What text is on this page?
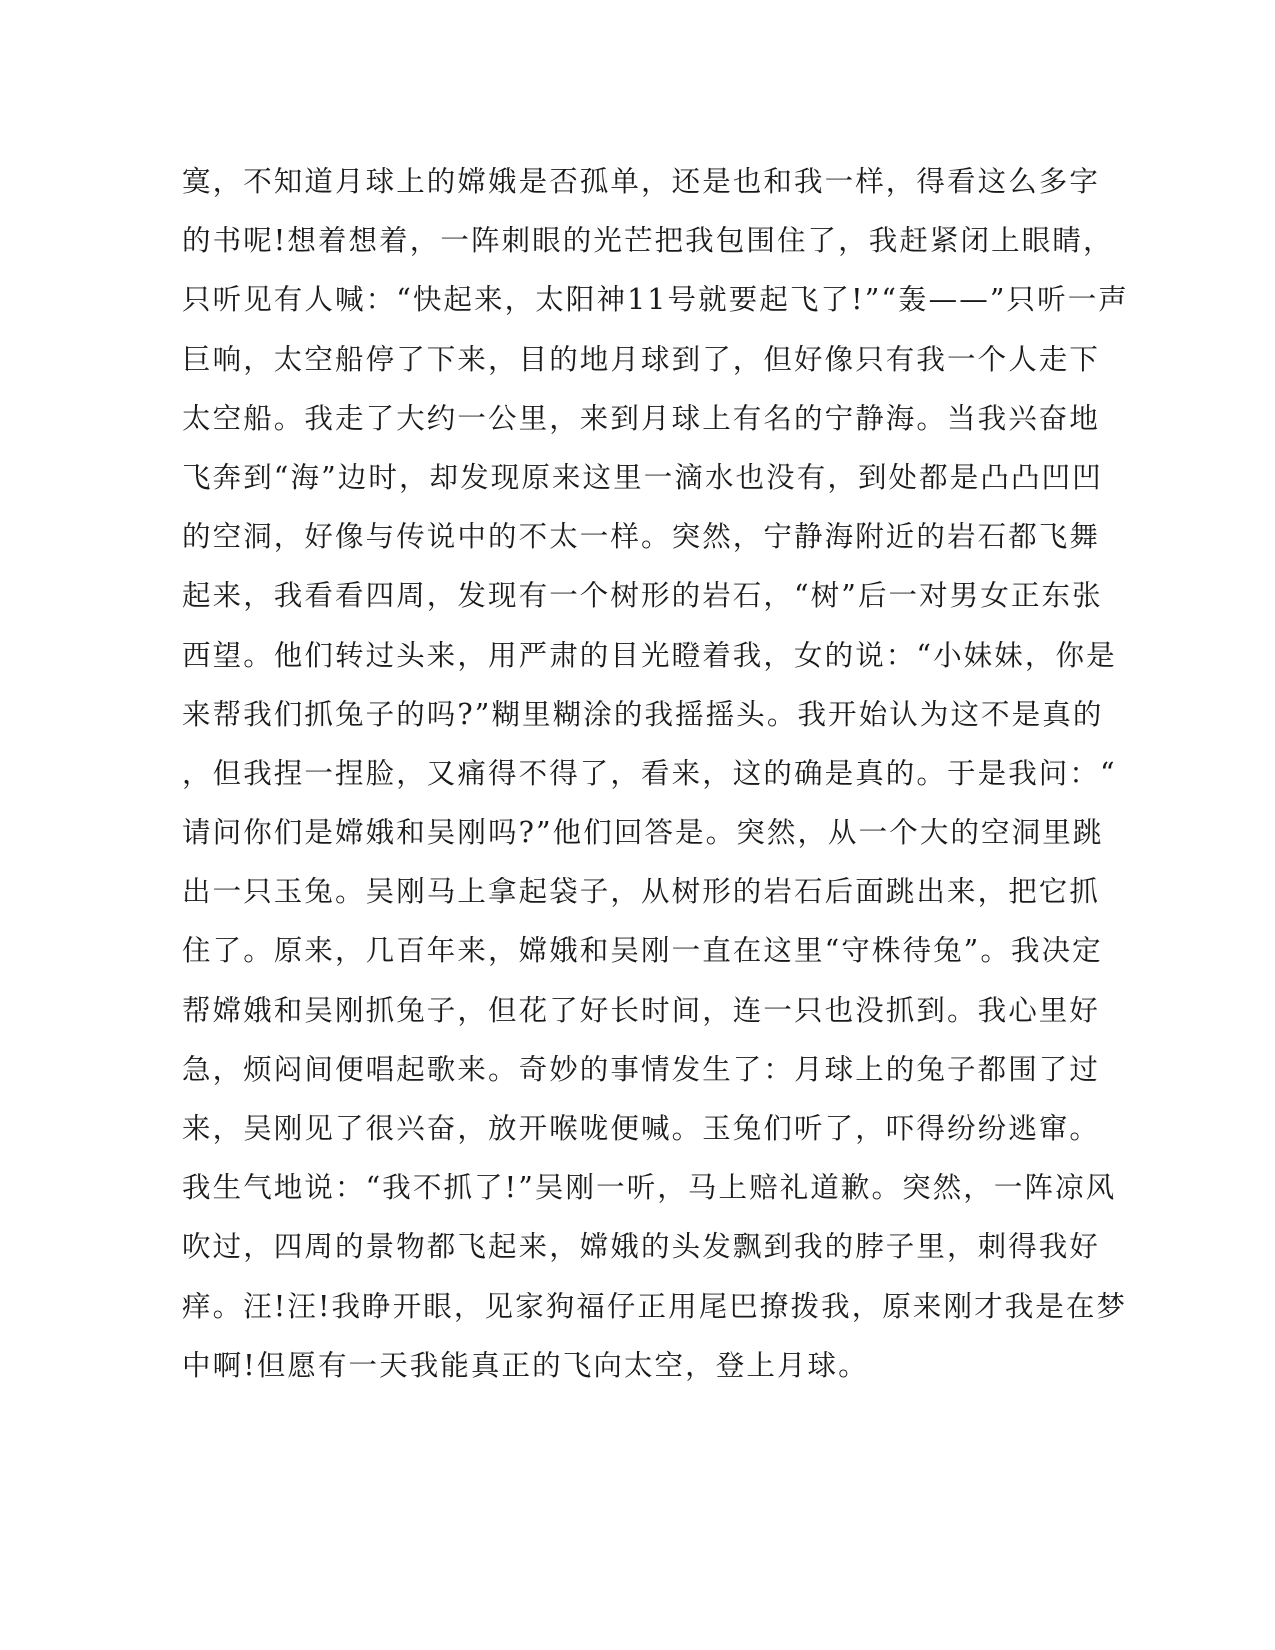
寞，不知道月球上的嫦娥是否孤单，还是也和我一样，得看这么多字
的书呢!想着想着，一阵刺眼的光芒把我包围住了，我赶紧闭上眼睛，
只听见有人喊：“快起来，太阳神11号就要起飞了!”“轰——”只听一声
巨响，太空船停了下来，目的地月球到了，但好像只有我一个人走下
太空船。我走了大约一公里，来到月球上有名的宁静海。当我兴奋地
飞奔到“海”边时，却发现原来这里一滴水也没有，到处都是凸凸凹凹
的空洞，好像与传说中的不太一样。突然，宁静海附近的岩石都飞舞
起来，我看看四周，发现有一个树形的岩石，“树”后一对男女正东张
西望。他们转过头来，用严肃的目光瞪着我，女的说：“小妹妹，你是
来帮我们抓兔子的吗?”糊里糊涂的我摇摇头。我开始认为这不是真的
，但我捏一捏脸，又痛得不得了，看来，这的确是真的。于是我问：“
请问你们是嫦娥和吴刚吗?”他们回答是。突然，从一个大的空洞里跳
出一只玉兔。吴刚马上拿起袋子，从树形的岩石后面跳出来，把它抓
住了。原来，几百年来，嫦娥和吴刚一直在这里“守株待兔”。我决定
帮嫦娥和吴刚抓兔子，但花了好长时间，连一只也没抓到。我心里好
急，烦闷间便唱起歌来。奇妙的事情发生了：月球上的兔子都围了过
来，吴刚见了很兴奋，放开喉咙便喊。玉兔们听了，吓得纷纷逃窜。
我生气地说：“我不抓了!”吴刚一听，马上赔礼道歉。突然，一阵凉风
吹过，四周的景物都飞起来，嫦娥的头发飘到我的脖子里，刺得我好
痒。汪!汪!我睁开眼，见家狗福仔正用尾巴撩拨我，原来刚才我是在梦
中啊!但愿有一天我能真正的飞向太空，登上月球。
